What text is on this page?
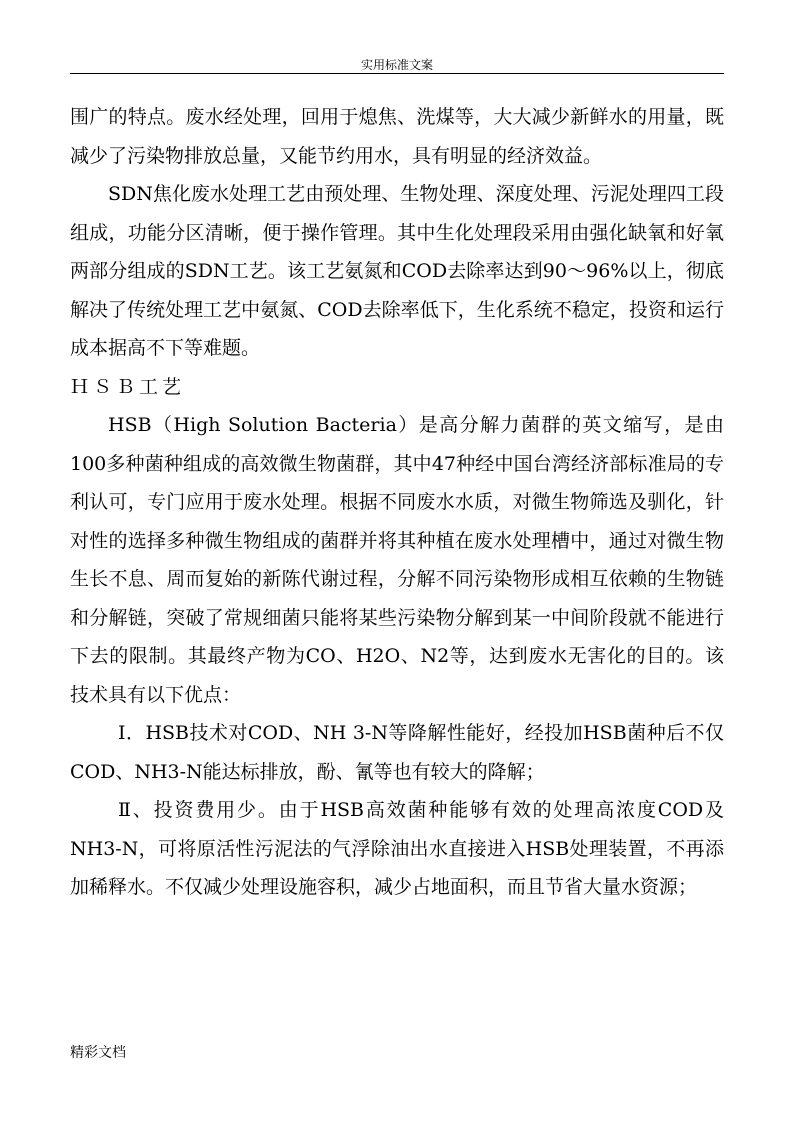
实用标准文案

围广的特点。废水经处理，回用于熄焦、洗煤等，大大减少新鲜水的用量，既减少了污染物排放总量，又能节约用水，具有明显的经济效益。

SDN焦化废水处理工艺由预处理、生物处理、深度处理、污泥处理四工段组成，功能分区清晰，便于操作管理。其中生化处理段采用由强化缺氧和好氧两部分组成的SDN工艺。该工艺氨氮和COD去除率达到90～96%以上，彻底解决了传统处理工艺中氨氮、COD去除率低下，生化系统不稳定，投资和运行成本据高不下等难题。

ＨＳＢ工艺

HSB（High Solution Bacteria）是高分解力菌群的英文缩写，是由100多种菌种组成的高效微生物菌群，其中47种经中国台湾经济部标准局的专利认可，专门应用于废水处理。根据不同废水水质，对微生物筛选及驯化，针对性的选择多种微生物组成的菌群并将其种植在废水处理槽中，通过对微生物生长不息、周而复始的新陈代谢过程，分解不同污染物形成相互依赖的生物链和分解链，突破了常规细菌只能将某些污染物分解到某一中间阶段就不能进行下去的限制。其最终产物为CO、H2O、N2等，达到废水无害化的目的。该技术具有以下优点：

Ⅰ．HSB技术对COD、NH 3-N等降解性能好，经投加HSB菌种后不仅COD、NH3-N能达标排放，酚、氰等也有较大的降解；

Ⅱ、投资费用少。由于HSB高效菌种能够有效的处理高浓度COD及NH3-N，可将原活性污泥法的气浮除油出水直接进入HSB处理装置，不再添加稀释水。不仅减少处理设施容积，减少占地面积，而且节省大量水资源；

精彩文档
